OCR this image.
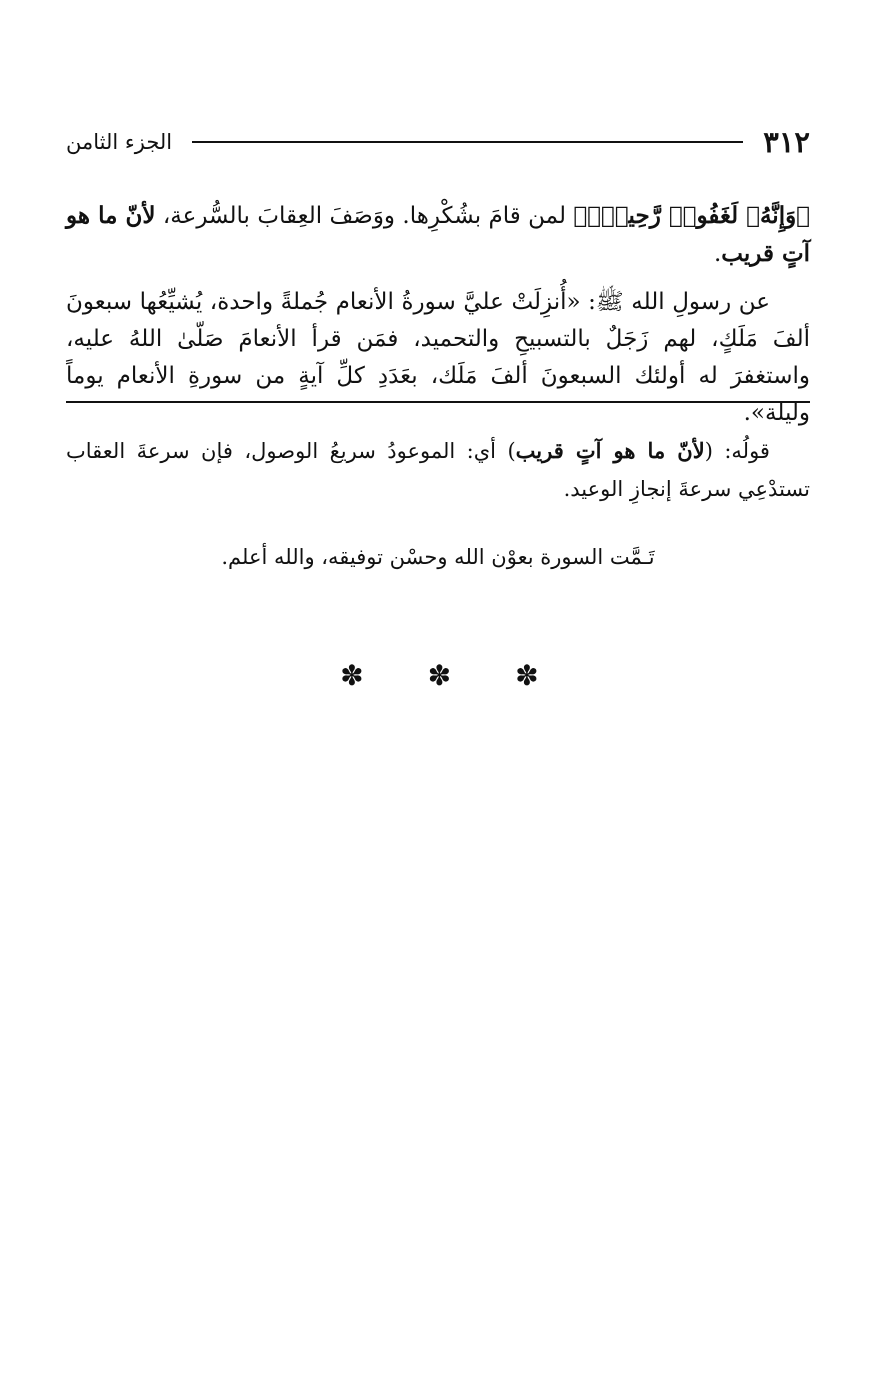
٣١٢
الجزء الثامن

﴿وَإِنَّهُۥ لَغَفُورٞ رَّحِيمُۢ﴾ لمن قامَ بشُكْرِها. ووَصَفَ العِقابَ بالسُّرعة، لأنّ ما هو آتٍ قريب.

عن رسولِ الله ﷺ: «أُنزِلَتْ عليَّ سورةُ الأنعام جُملةً واحدة، يُشيِّعُها سبعونَ ألفَ مَلَكٍ، لهم زَجَلٌ بالتسبيحِ والتحميد، فمَن قرأ الأنعامَ صَلّىٰ اللهُ عليه، واستغفرَ له أولئك السبعونَ ألفَ مَلَك، بعَدَدِ كلِّ آيةٍ من سورةِ الأنعام يوماً وليلة».

قولُه: (لأنّ ما هو آتٍ قريب) أي: الموعودُ سريعُ الوصول، فإن سرعةَ العقاب تستدْعِي سرعةَ إنجازِ الوعيد.

تَـمَّت السورة بعوْن الله وحسْن توفيقه، والله أعلم.

✽
✽
✽
